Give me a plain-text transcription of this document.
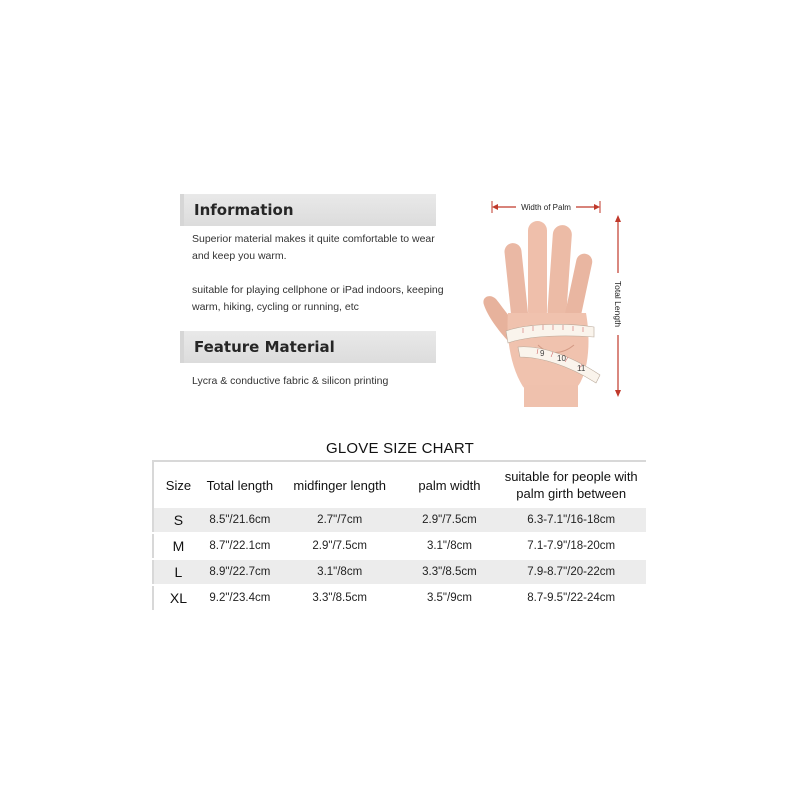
Information
Superior material makes it quite comfortable to wear
and keep you warm.
suitable for playing cellphone or iPad indoors, keeping
warm, hiking, cycling or running, etc
Feature Material
Lycra & conductive fabric & silicon printing
Width of Palm
Total Length
9
10
11
GLOVE SIZE CHART
Size	Total length	midfinger length	palm width	suitable for people with
palm girth between

S	8.5"/21.6cm	2.7"/7cm	2.9"/7.5cm	6.3-7.1"/16-18cm
M	8.7"/22.1cm	2.9"/7.5cm	3.1"/8cm	7.1-7.9"/18-20cm
L	8.9"/22.7cm	3.1"/8cm	3.3"/8.5cm	7.9-8.7"/20-22cm
XL	9.2"/23.4cm	3.3"/8.5cm	3.5"/9cm	8.7-9.5"/22-24cm
